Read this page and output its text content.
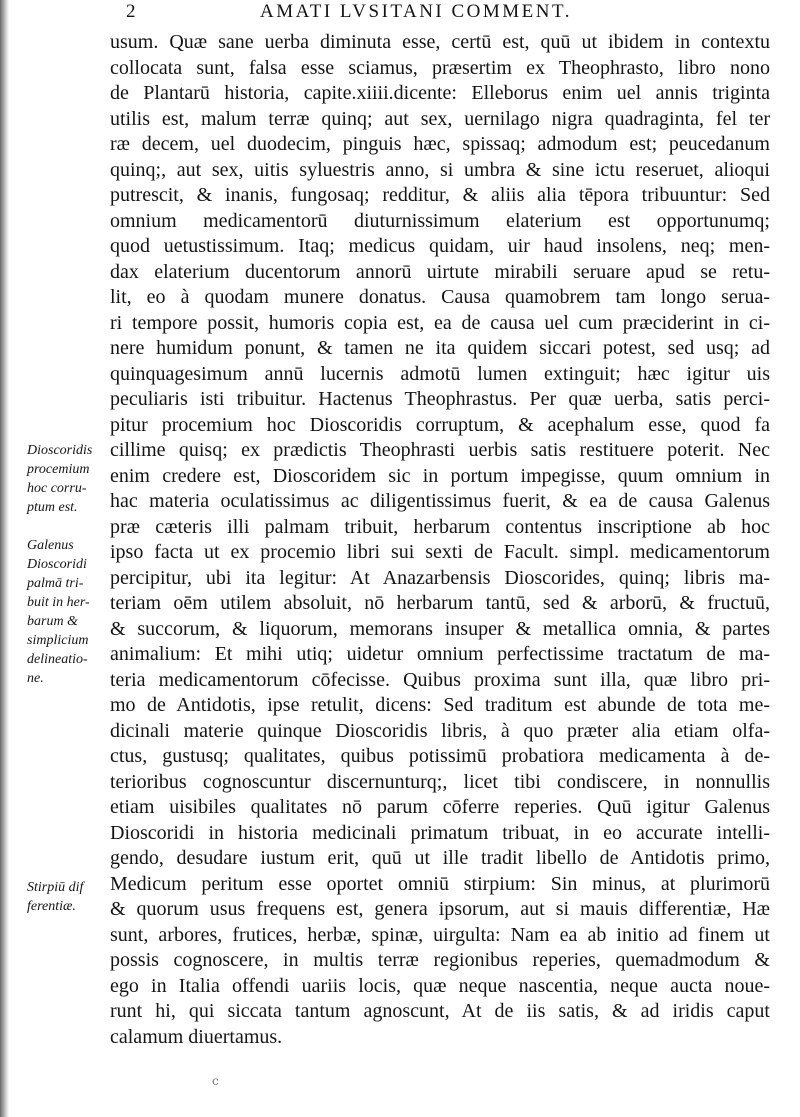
2	AMATI LVSITANI COMMENT.
usum. Quæ sane uerba diminuta esse, certū est, quū ut ibidem in contextu
collocata sunt, falsa esse sciamus, præsertim ex Theophrasto, libro nono
de Plantarū historia, capite.xiiii.dicente: Elleborus enim uel annis triginta
utilis est, malum terræ quinq; aut sex, uernilago nigra quadraginta, fel ter
ræ decem, uel duodecim, pinguis hæc, spissaq; admodum est; peucedanum
quinq;, aut sex, uitis syluestris anno, si umbra & sine ictu reseruet, alioqui
putrescit, & inanis, fungosaq; redditur, & aliis alia tēpora tribuuntur: Sed
omnium medicamentorū diuturnissimum elaterium est opportunumq;
quod uetustissimum. Itaq; medicus quidam, uir haud insolens, neq; men-
dax elaterium ducentorum annorū uirtute mirabili seruare apud se retu-
lit, eo à quodam munere donatus. Causa quamobrem tam longo serua-
ri tempore possit, humoris copia est, ea de causa uel cum præciderint in ci-
nere humidum ponunt, & tamen ne ita quidem siccari potest, sed usq; ad
quinquagesimum annū lucernis admotū lumen extinguit; hæc igitur uis
peculiaris isti tribuitur. Hactenus Theophrastus. Per quæ uerba, satis perci-
pitur procemium hoc Dioscoridis corruptum, & acephalum esse, quod fa
cillime quisq; ex prædictis Theophrasti uerbis satis restituere poterit. Nec
enim credere est, Dioscoridem sic in portum impegisse, quum omnium in
hac materia oculatissimus ac diligentissimus fuerit, & ea de causa Galenus
præ cæteris illi palmam tribuit, herbarum contentus inscriptione ab hoc
ipso facta ut ex procemio libri sui sexti de Facult. simpl. medicamentorum
percipitur, ubi ita legitur: At Anazarbensis Dioscorides, quinq; libris ma-
teriam oēm utilem absoluit, nō herbarum tantū, sed & arborū, & fructuū,
& succorum, & liquorum, memorans insuper & metallica omnia, & partes
animalium: Et mihi utiq; uidetur omnium perfectissime tractatum de ma-
teria medicamentorum cōfecisse. Quibus proxima sunt illa, quæ libro pri-
mo de Antidotis, ipse retulit, dicens: Sed traditum est abunde de tota me-
dicinali materie quinque Dioscoridis libris, à quo præter alia etiam olfa-
ctus, gustusq; qualitates, quibus potissimū probatiora medicamenta à de-
terioribus cognoscuntur discernunturq;, licet tibi condiscere, in nonnullis
etiam uisibiles qualitates nō parum cōferre reperies. Quū igitur Galenus
Dioscoridi in historia medicinali primatum tribuat, in eo accurate intelli-
gendo, desudare iustum erit, quū ut ille tradit libello de Antidotis primo,
Medicum peritum esse oportet omniū stirpium: Sin minus, at plurimorū
& quorum usus frequens est, genera ipsorum, aut si mauis differentiæ, Hæ
sunt, arbores, frutices, herbæ, spinæ, uirgulta: Nam ea ab initio ad finem ut
possis cognoscere, in multis terræ regionibus reperies, quemadmodum &
ego in Italia offendi uariis locis, quæ neque nascentia, neque aucta noue-
runt hi, qui siccata tantum agnoscunt, At de iis satis, & ad iridis caput
calamum diuertamus.
Dioscoridis
procemium
hoc corru-
ptum est.
Galenus
Dioscoridi
palmā tri-
buit in her-
barum &
simplicium
delineatio-
ne.
Stirpiū dif
ferentiæ.
c
